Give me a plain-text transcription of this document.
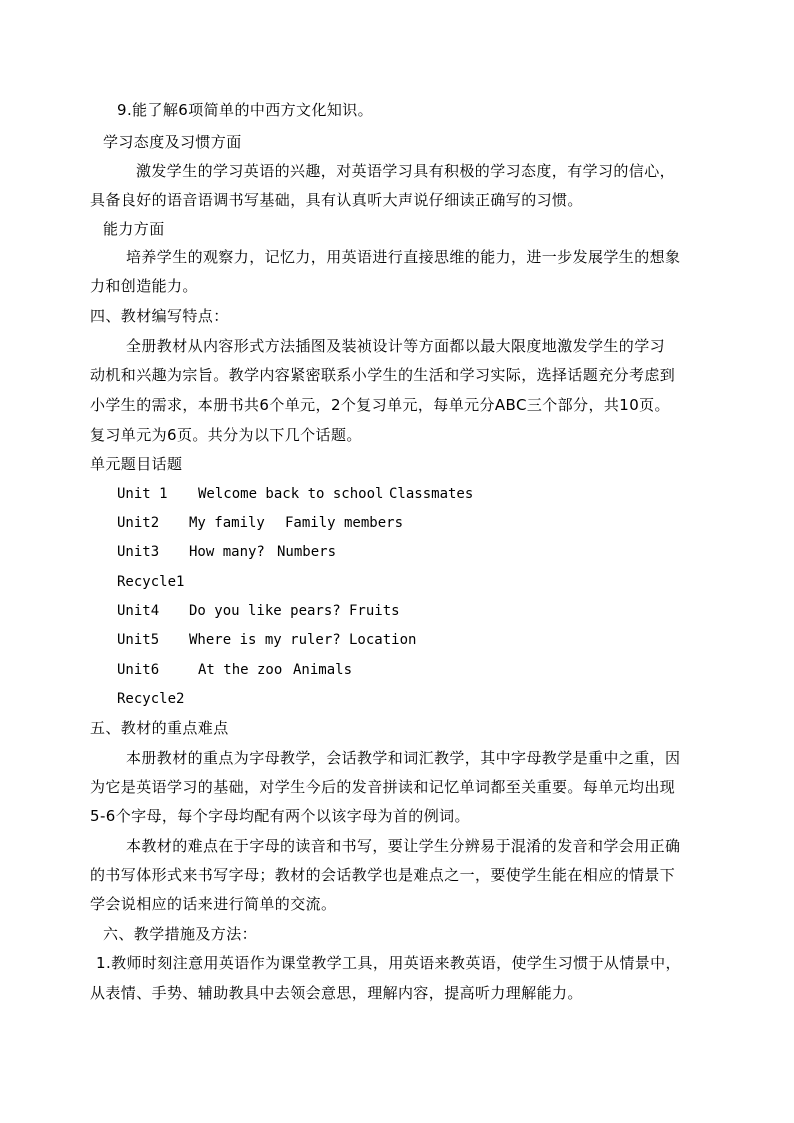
9.能了解6项简单的中西方文化知识。
学习态度及习惯方面
激发学生的学习英语的兴趣，对英语学习具有积极的学习态度，有学习的信心，
具备良好的语音语调书写基础，具有认真听大声说仔细读正确写的习惯。
能力方面
培养学生的观察力，记忆力，用英语进行直接思维的能力，进一步发展学生的想象
力和创造能力。
四、教材编写特点：
全册教材从内容形式方法插图及装祯设计等方面都以最大限度地激发学生的学习
动机和兴趣为宗旨。教学内容紧密联系小学生的生活和学习实际，选择话题充分考虑到
小学生的需求，本册书共6个单元，2个复习单元，每单元分ABC三个部分，共10页。
复习单元为6页。共分为以下几个话题。
单元题目话题
Unit 1 Welcome back to school Classmates
Unit2 My family Family members
Unit3 How many? Numbers
Recycle1
Unit4 Do you like pears? Fruits
Unit5 Where is my ruler? Location
Unit6	At the zoo Animals
Recycle2
五、教材的重点难点
本册教材的重点为字母教学，会话教学和词汇教学，其中字母教学是重中之重，因
为它是英语学习的基础，对学生今后的发音拼读和记忆单词都至关重要。每单元均出现
5-6个字母，每个字母均配有两个以该字母为首的例词。
本教材的难点在于字母的读音和书写，要让学生分辨易于混淆的发音和学会用正确
的书写体形式来书写字母；教材的会话教学也是难点之一，要使学生能在相应的情景下
学会说相应的话来进行简单的交流。
六、教学措施及方法：
1.教师时刻注意用英语作为课堂教学工具，用英语来教英语，使学生习惯于从情景中，
从表情、手势、辅助教具中去领会意思，理解内容，提高听力理解能力。
